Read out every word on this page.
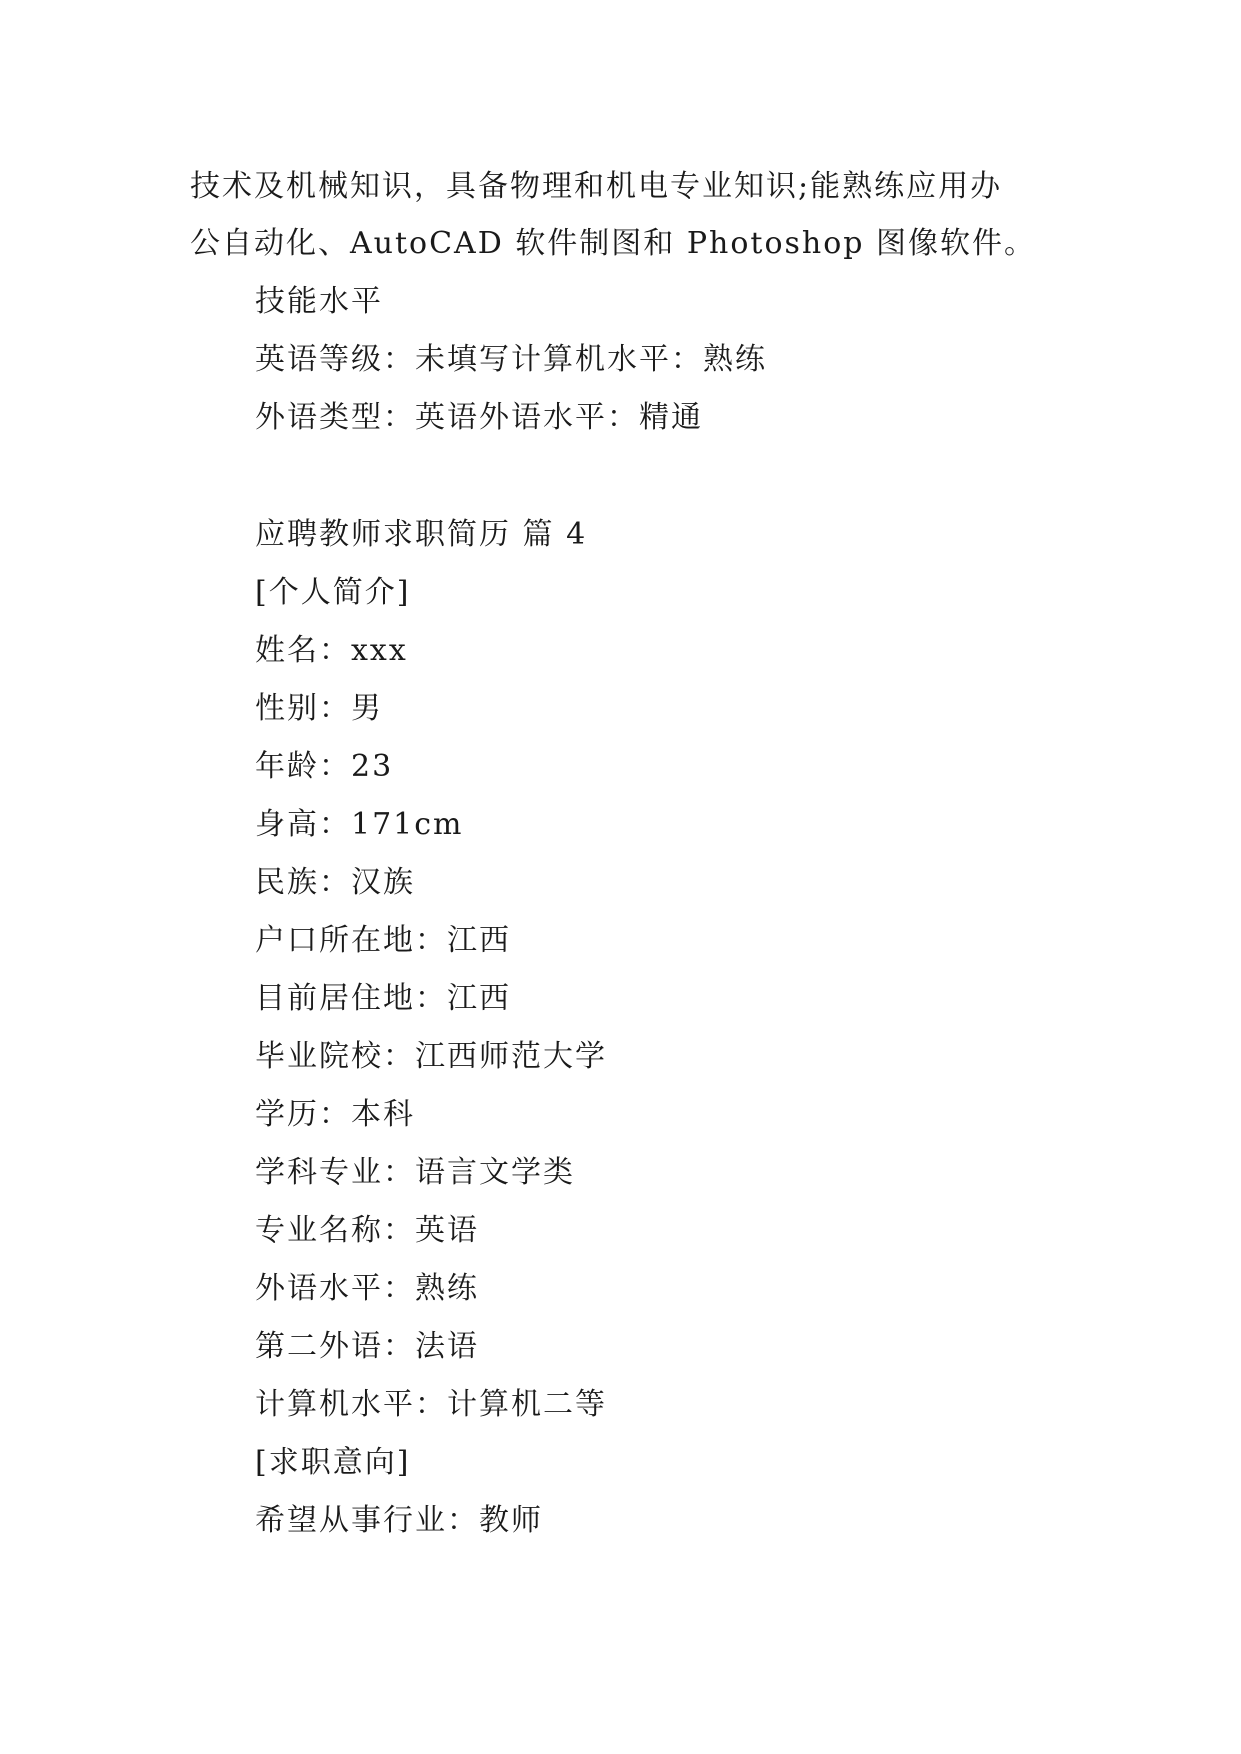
技术及机械知识，具备物理和机电专业知识;能熟练应用办

公自动化、AutoCAD 软件制图和 Photoshop 图像软件。

技能水平

英语等级：未填写计算机水平：熟练

外语类型：英语外语水平：精通

应聘教师求职简历 篇 4

[个人简介]

姓名：xxx

性别：男

年龄：23

身高：171cm

民族：汉族

户口所在地：江西

目前居住地：江西

毕业院校：江西师范大学

学历：本科

学科专业：语言文学类

专业名称：英语

外语水平：熟练

第二外语：法语

计算机水平：计算机二等

[求职意向]

希望从事行业：教师
